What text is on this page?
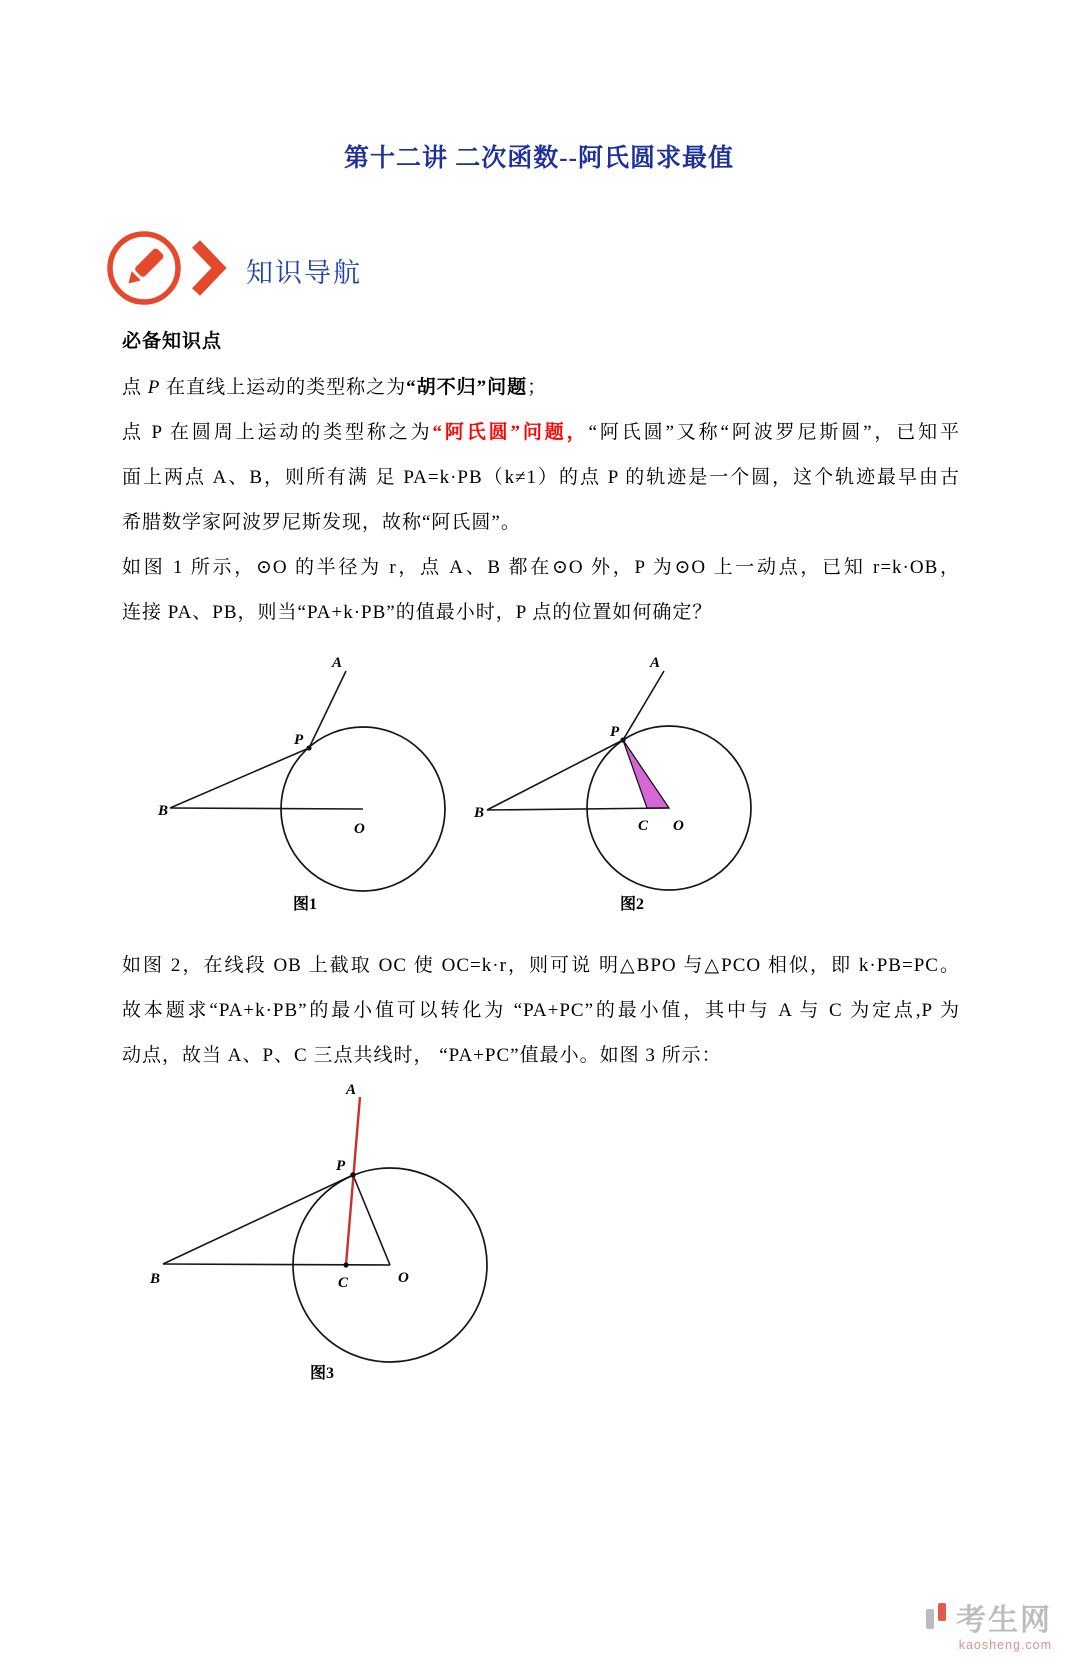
第十二讲 二次函数--阿氏圆求最值
知识导航
必备知识点

点 P 在直线上运动的类型称之为“胡不归”问题；

点 P 在圆周上运动的类型称之为“阿氏圆”问题，“阿氏圆”又称“阿波罗尼斯圆”，已知平

面上两点 A、B，则所有满 足 PA=k·PB（k≠1）的点 P 的轨迹是一个圆，这个轨迹最早由古

希腊数学家阿波罗尼斯发现，故称“阿氏圆”。

如图 1 所示，⊙O 的半径为 r，点 A、B 都在⊙O 外，P 为⊙O 上一动点，已知 r=k·OB，

连接 PA、PB，则当“PA+k·PB”的值最小时，P 点的位置如何确定？

A
P
B
O
图1
A
P
B
C O
图2

如图 2，在线段 OB 上截取 OC 使 OC=k·r，则可说 明△BPO 与△PCO 相似，即 k·PB=PC。

故本题求“PA+k·PB”的最小值可以转化为 “PA+PC”的最小值，其中与 A 与 C 为定点,P 为

动点，故当 A、P、C 三点共线时， “PA+PC”值最小。如图 3 所示：

A
P
B	C	O
图3
考生网
kaosheng.com
